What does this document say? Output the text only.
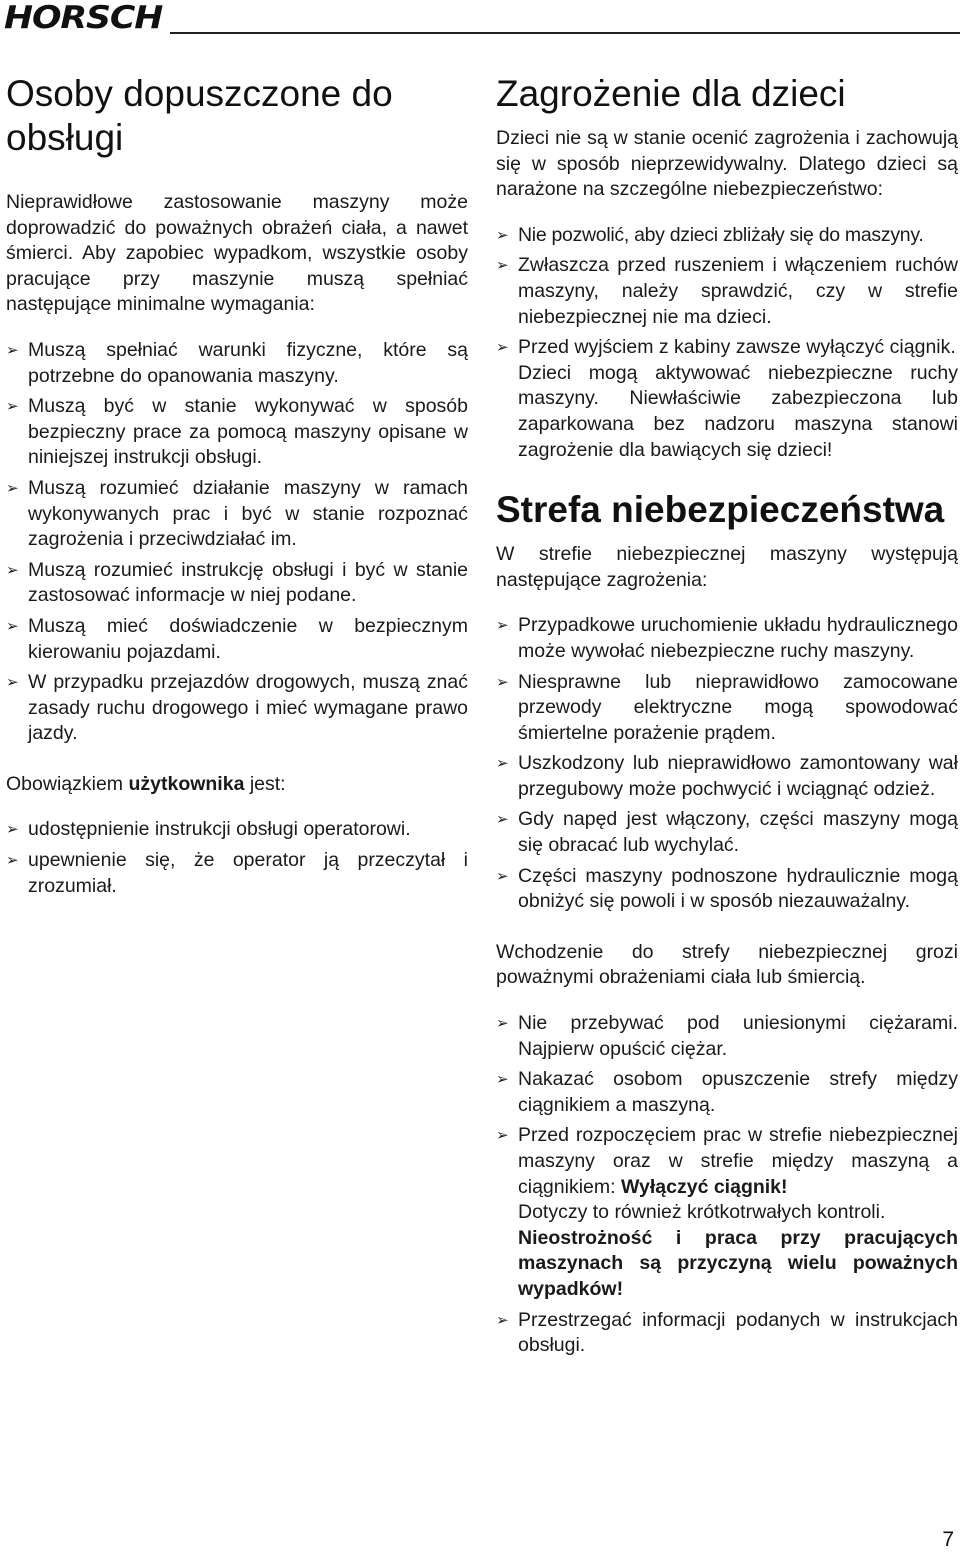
HORSCH
Osoby dopuszczone do obsługi

Nieprawidłowe zastosowanie maszyny może doprowadzić do poważnych obrażeń ciała, a nawet śmierci. Aby zapobiec wypadkom, wszystkie osoby pracujące przy maszynie muszą spełniać następujące minimalne wymagania:

➢ Muszą spełniać warunki fizyczne, które są potrzebne do opanowania maszyny.
➢ Muszą być w stanie wykonywać w sposób bezpieczny prace za pomocą maszyny opisane w niniejszej instrukcji obsługi.
➢ Muszą rozumieć działanie maszyny w ramach wykonywanych prac i być w stanie rozpoznać zagrożenia i przeciwdziałać im.
➢ Muszą rozumieć instrukcję obsługi i być w stanie zastosować informacje w niej podane.
➢ Muszą mieć doświadczenie w bezpiecznym kierowaniu pojazdami.
➢ W przypadku przejazdów drogowych, muszą znać zasady ruchu drogowego i mieć wymagane prawo jazdy.

Obowiązkiem użytkownika jest:

➢ udostępnienie instrukcji obsługi operatorowi.
➢ upewnienie się, że operator ją przeczytał i zrozumiał.
Zagrożenie dla dzieci

Dzieci nie są w stanie ocenić zagrożenia i zachowują się w sposób nieprzewidywalny. Dlatego dzieci są narażone na szczególne niebezpieczeństwo:

➢ Nie pozwolić, aby dzieci zbliżały się do maszyny.
➢ Zwłaszcza przed ruszeniem i włączeniem ruchów maszyny, należy sprawdzić, czy w strefie niebezpiecznej nie ma dzieci.
➢ Przed wyjściem z kabiny zawsze wyłączyć ciągnik.
Dzieci mogą aktywować niebezpieczne ruchy maszyny. Niewłaściwie zabezpieczona lub zaparkowana bez nadzoru maszyna stanowi zagrożenie dla bawiących się dzieci!
Strefa niebezpieczeństwa

W strefie niebezpiecznej maszyny występują następujące zagrożenia:

➢ Przypadkowe uruchomienie układu hydraulicznego może wywołać niebezpieczne ruchy maszyny.
➢ Niesprawne lub nieprawidłowo zamocowane przewody elektryczne mogą spowodować śmiertelne porażenie prądem.
➢ Uszkodzony lub nieprawidłowo zamontowany wał przegubowy może pochwycić i wciągnąć odzież.
➢ Gdy napęd jest włączony, części maszyny mogą się obracać lub wychylać.
➢ Części maszyny podnoszone hydraulicznie mogą obniżyć się powoli i w sposób niezauważalny.

Wchodzenie do strefy niebezpiecznej grozi poważnymi obrażeniami ciała lub śmiercią.

➢ Nie przebywać pod uniesionymi ciężarami. Najpierw opuścić ciężar.
➢ Nakazać osobom opuszczenie strefy między ciągnikiem a maszyną.
➢ Przed rozpoczęciem prac w strefie niebezpiecznej maszyny oraz w strefie między maszyną a ciągnikiem: Wyłączyć ciągnik!
Dotyczy to również krótkotrwałych kontroli.
Nieostrożność i praca przy pracujących maszynach są przyczyną wielu poważnych wypadków!
➢ Przestrzegać informacji podanych w instrukcjach obsługi.
7
